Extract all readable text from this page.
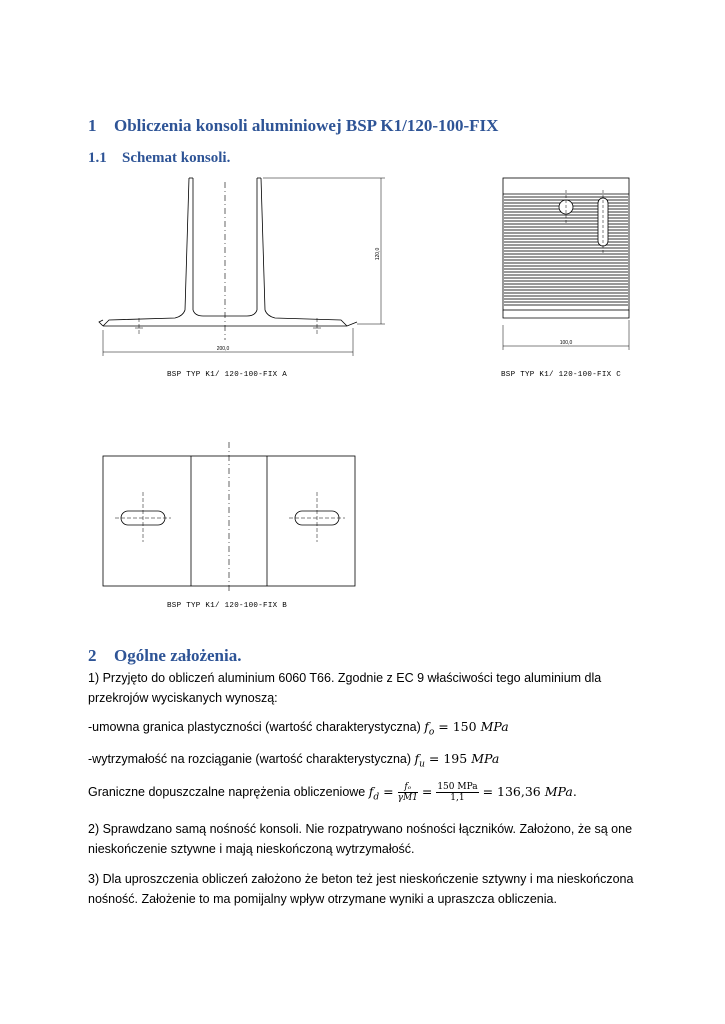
1 Obliczenia konsoli aluminiowej BSP K1/120-100-FIX
1.1 Schemat konsoli.
200,0
120,0
BSP TYP K1/ 120-100-FIX A
100,0
BSP TYP K1/ 120-100-FIX C
BSP TYP K1/ 120-100-FIX B
2 Ogólne założenia.
1) Przyjęto do obliczeń aluminium 6060 T66. Zgodnie z EC 9 właściwości tego aluminium dla przekrojów wyciskanych wynoszą:
-umowna granica plastyczności (wartość charakterystyczna) $f_o = 150$ MPa
-wytrzymałość na rozciąganie (wartość charakterystyczna) $f_u = 195$ MPa
Graniczne dopuszczalne naprężenia obliczeniowe $f_d = \frac{\text{fₒ}}{\gamma M1} = \frac{\text{150 MPa}}{1,1} = 136,36$ MPa.
2) Sprawdzano samą nośność konsoli. Nie rozpatrywano nośności łączników. Założono, że są one nieskończenie sztywne i mają nieskończoną wytrzymałość.
3) Dla uproszczenia obliczeń założono że beton też jest nieskończenie sztywny i ma nieskończona nośność. Założenie to ma pomijalny wpływ otrzymane wyniki a upraszcza obliczenia.
